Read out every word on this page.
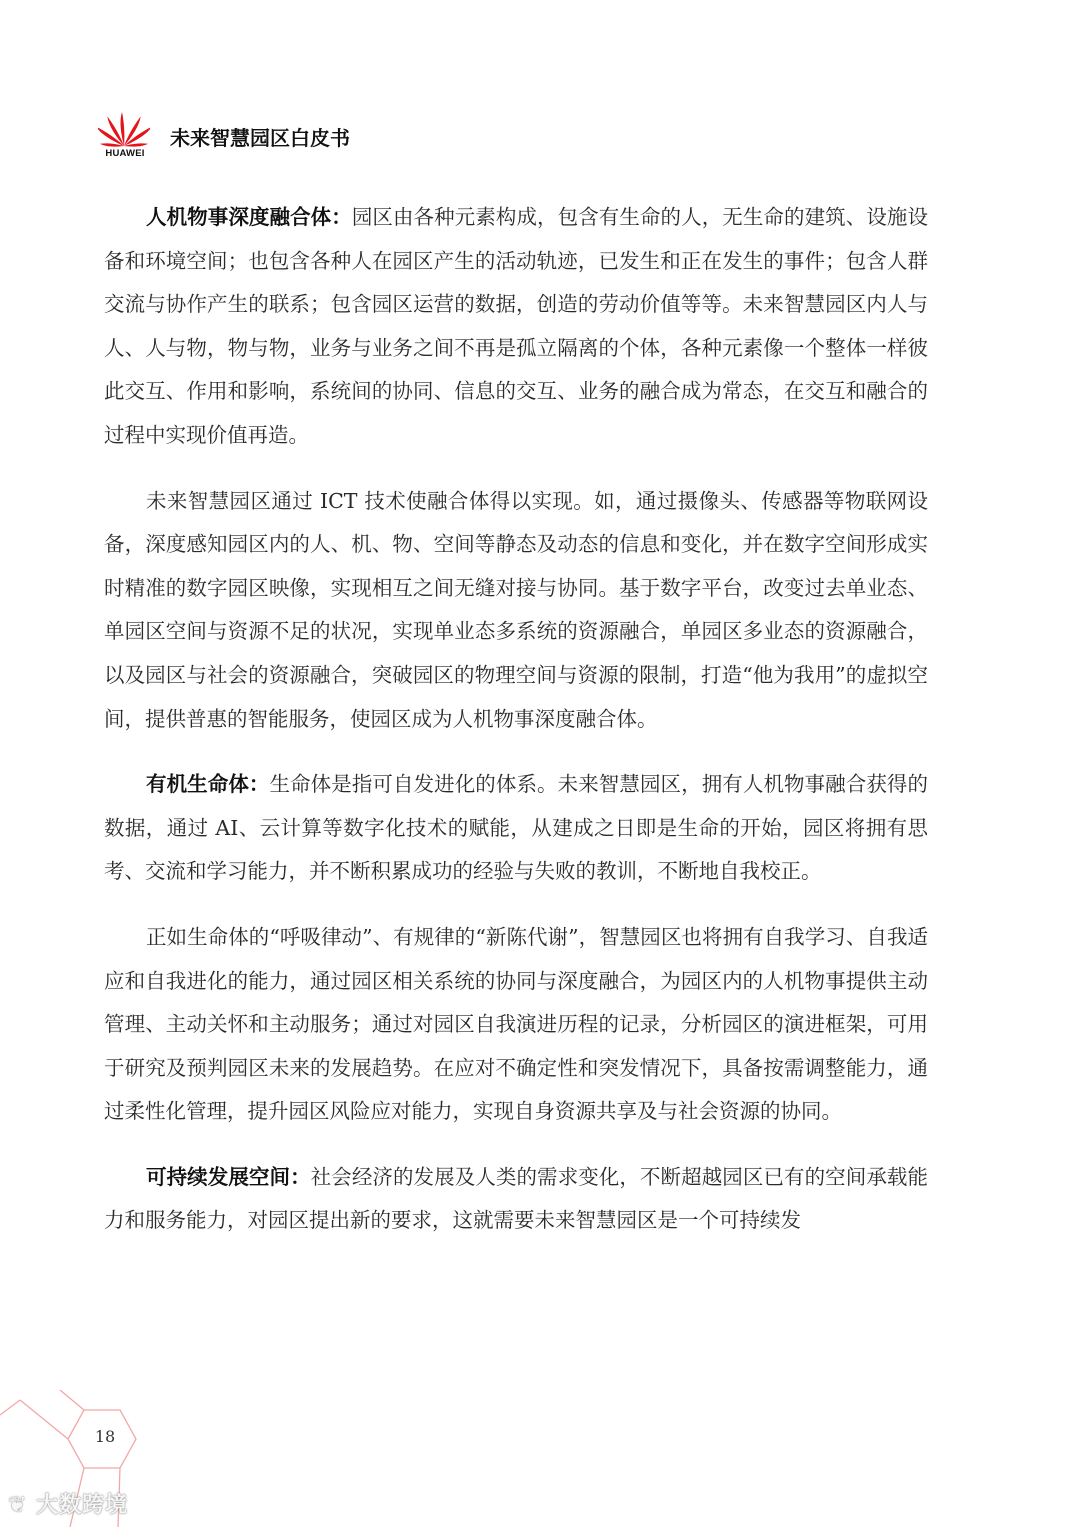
HUAWEI
未来智慧园区白皮书

人机物事深度融合体：园区由各种元素构成，包含有生命的人，无生命的建筑、设施设备和环境空间；也包含各种人在园区产生的活动轨迹，已发生和正在发生的事件；包含人群交流与协作产生的联系；包含园区运营的数据，创造的劳动价值等等。未来智慧园区内人与人、人与物，物与物，业务与业务之间不再是孤立隔离的个体，各种元素像一个整体一样彼此交互、作用和影响，系统间的协同、信息的交互、业务的融合成为常态，在交互和融合的过程中实现价值再造。

未来智慧园区通过 ICT 技术使融合体得以实现。如，通过摄像头、传感器等物联网设备，深度感知园区内的人、机、物、空间等静态及动态的信息和变化，并在数字空间形成实时精准的数字园区映像，实现相互之间无缝对接与协同。基于数字平台，改变过去单业态、单园区空间与资源不足的状况，实现单业态多系统的资源融合，单园区多业态的资源融合，以及园区与社会的资源融合，突破园区的物理空间与资源的限制，打造“他为我用”的虚拟空间，提供普惠的智能服务，使园区成为人机物事深度融合体。

有机生命体：生命体是指可自发进化的体系。未来智慧园区，拥有人机物事融合获得的数据，通过 AI、云计算等数字化技术的赋能，从建成之日即是生命的开始，园区将拥有思考、交流和学习能力，并不断积累成功的经验与失败的教训，不断地自我校正。

正如生命体的“呼吸律动”、有规律的“新陈代谢”，智慧园区也将拥有自我学习、自我适应和自我进化的能力，通过园区相关系统的协同与深度融合，为园区内的人机物事提供主动管理、主动关怀和主动服务；通过对园区自我演进历程的记录，分析园区的演进框架，可用于研究及预判园区未来的发展趋势。在应对不确定性和突发情况下，具备按需调整能力，通过柔性化管理，提升园区风险应对能力，实现自身资源共享及与社会资源的协同。

可持续发展空间：社会经济的发展及人类的需求变化，不断超越园区已有的空间承载能力和服务能力，对园区提出新的要求，这就需要未来智慧园区是一个可持续发

18
❦ 大数跨境
